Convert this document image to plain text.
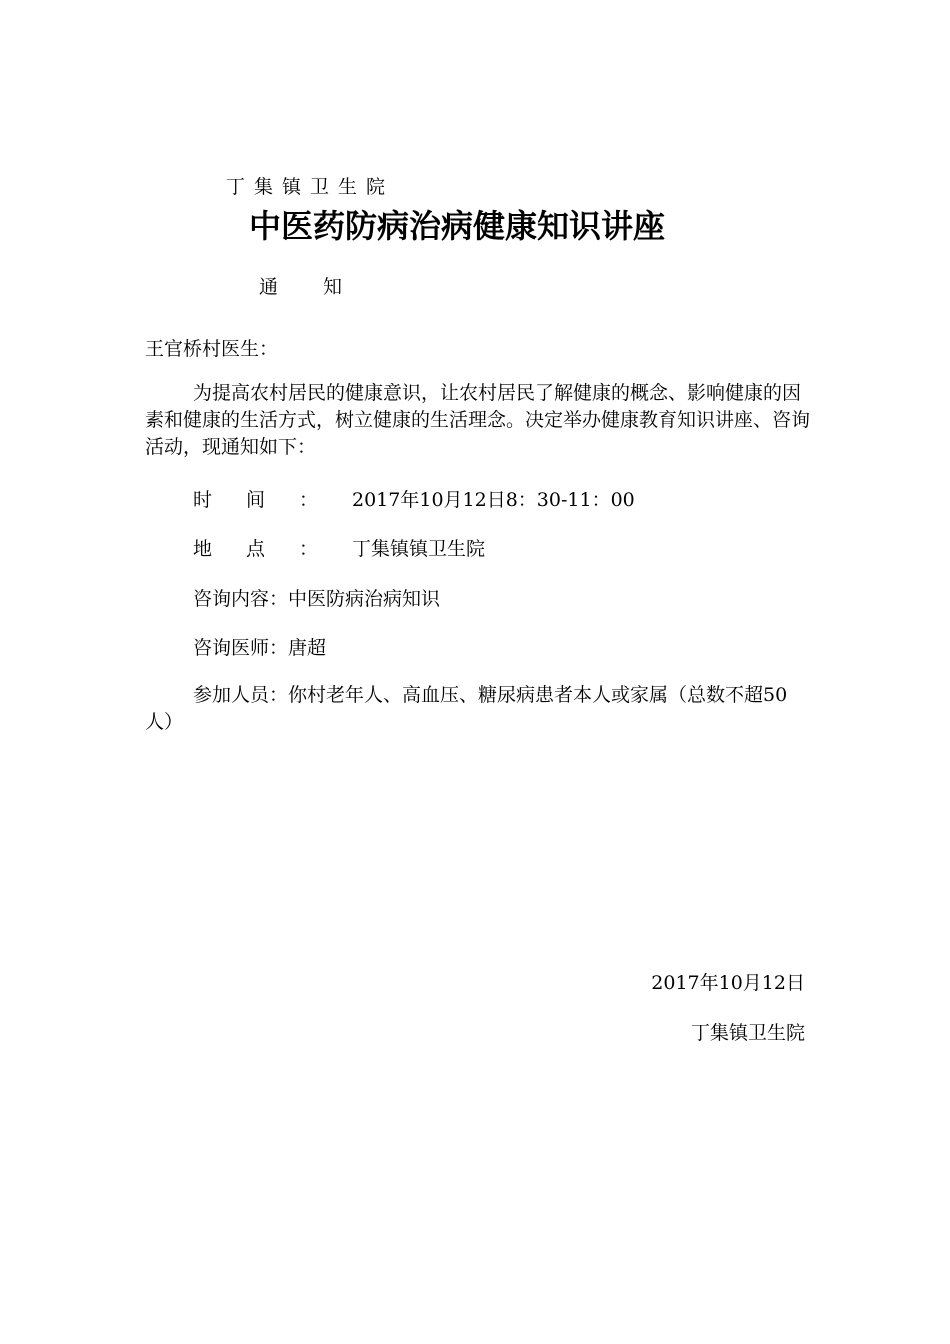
丁集镇卫生院
中医药防病治病健康知识讲座
通知
王官桥村医生：

为提高农村居民的健康意识，让农村居民了解健康的概念、影响健康的因素和健康的生活方式，树立健康的生活理念。决定举办健康教育知识讲座、咨询活动，现通知如下：

时间：2017年10月12日8：30-11：00
地点：丁集镇镇卫生院
咨询内容：中医防病治病知识
咨询医师：唐超
参加人员：你村老年人、高血压、糖尿病患者本人或家属（总数不超50人）
2017年10月12日
丁集镇卫生院
